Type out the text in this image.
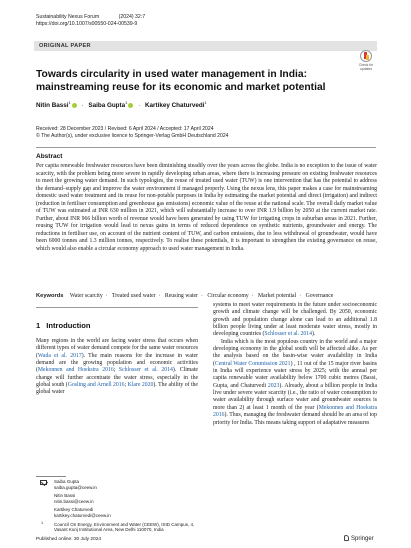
Sustainability Nexus Forum	(2024) 32:7
https://doi.org/10.1007/s00550-024-00539-9
ORIGINAL PAPER
Check for
updates
Towards circularity in used water management in India: mainstreaming reuse for its economic and market potential
Nitin Bassi$^1$ · Saiba Gupta$^1$ · Kartikey Chaturvedi$^1$
Received: 28 December 2023 / Revised: 6 April 2024 / Accepted: 17 April 2024
© The Author(s), under exclusive licence to Springer-Verlag GmbH Deutschland 2024
Abstract

Per capita renewable freshwater resources have been diminishing steadily over the years across the globe. India is no exception to the issue of water scarcity, with the problem being more severe in rapidly developing urban areas, where there is increasing pressure on existing freshwater resources to meet the growing water demand. In such typologies, the reuse of treated used water (TUW) is one intervention that has the potential to address the demand–supply gap and improve the water environment if managed properly. Using the nexus lens, this paper makes a case for mainstreaming domestic used water treatment and its reuse for non-potable purposes in India by estimating the market potential and direct (irrigation) and indirect (reduction in fertiliser consumption and greenhouse gas emissions) economic value of the reuse at the national scale. The overall daily market value of TUW was estimated at INR 630 million in 2021, which will substantially increase to over INR 1.9 billion by 2050 at the current market rate. Further, about INR 966 billion worth of revenue would have been generated by using TUW for irrigating crops in suburban areas in 2021. Further, reusing TUW for irrigation would lead to nexus gains in terms of reduced dependence on synthetic nutrients, groundwater and energy. The reductions in fertiliser use, on account of the nutrient content of TUW, and carbon emissions, due to less withdrawal of groundwater, would have been 6000 tonnes and 1.3 million tonnes, respectively. To realise these potentials, it is important to strengthen the existing governance on reuse, which would also enable a circular economy approach to used water management in India.

Keywords Water scarcity · Treated used water · Reusing water · Circular economy · Market potential · Governance
1 Introduction

Many regions in the world are facing water stress that occurs when different types of water demand compete for the same water resources (Wada et al. 2017). The main reasons for the increase in water demand are the growing population and economic activities (Mekonnen and Hoekstra 2016; Schlosser et al. 2014). Climate change will further accentuate the water stress, especially in the global south (Gosling and Arnell 2016; Klare 2020). The ability of the global water

systems to meet water requirements in the future under socioeconomic growth and climate change will be challenged. By 2050, economic growth and population change alone can lead to an additional 1.8 billion people living under at least moderate water stress, mostly in developing countries (Schlosser et al. 2014).

India which is the most populous country in the world and a major developing economy in the global south will be affected alike. As per the analysis based on the basin-wise water availability in India (Central Water Commission 2021) , 11 out of the 15 major river basins in India will experience water stress by 2025; with the annual per capita renewable water availability below 1700 cubic metres (Bassi, Gupta, and Chaturvedi 2023). Already, about a billion people in India live under severe water scarcity (i.e., the ratio of water consumption to water availability through surface water and groundwater sources is more than 2) at least 1 month of the year (Mekonnen and Hoekstra 2016). Thus, managing the freshwater demand should be an area of top priority for India. This means taking support of adaptative measures

Saiba Gupta
saiba.gupta@ceew.in
Nitin Bassi
nitin.bassi@ceew.in
Kartikey Chaturvedi
kartikey.chaturvedi@ceew.in
1 Council On Energy, Environment and Water (CEEW), ISID Campus, 4, Vasant Kunj Institutional Area, New Delhi 110070, India
Published online: 30 July 2024	Springer
